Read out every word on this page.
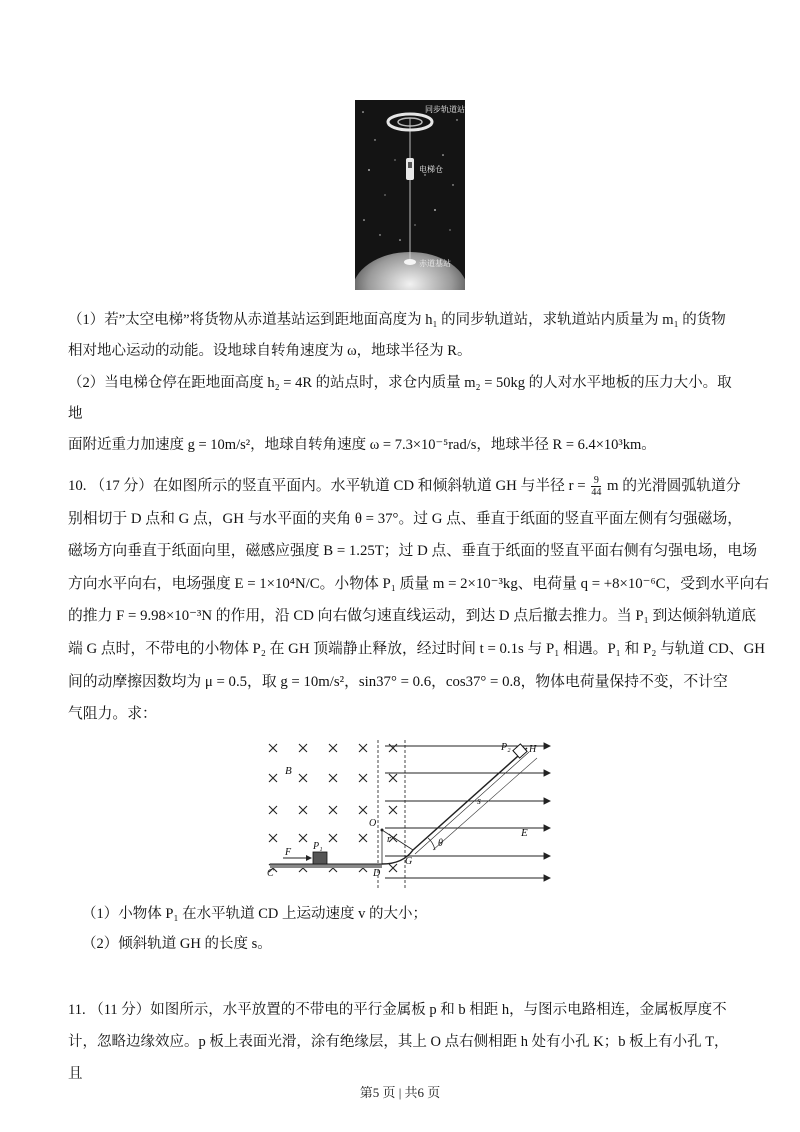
同步轨道站
电梯仓
赤道基站
（1）若”太空电梯”将货物从赤道基站运到距地面高度为 h₁ 的同步轨道站，求轨道站内质量为 m₁ 的货物
相对地心运动的动能。设地球自转角速度为 ω，地球半径为 R。
（2）当电梯仓停在距地面高度 h₂ = 4R 的站点时，求仓内质量 m₂ = 50kg 的人对水平地板的压力大小。取地
面附近重力加速度 g = 10m/s²，地球自转角速度 ω = 7.3×10⁻⁵rad/s，地球半径 R = 6.4×10³km。
10. （17 分）在如图所示的竖直平面内。水平轨道 CD 和倾斜轨道 GH 与半径 $r = \frac{9}{44}$ m 的光滑圆弧轨道分
别相切于 D 点和 G 点，GH 与水平面的夹角 θ = 37°。过 G 点、垂直于纸面的竖直平面左侧有匀强磁场，
磁场方向垂直于纸面向里，磁感应强度 B = 1.25T；过 D 点、垂直于纸面的竖直平面右侧有匀强电场，电场
方向水平向右，电场强度 E = 1×10⁴N/C。小物体 P₁ 质量 m = 2×10⁻³kg、电荷量 q = +8×10⁻⁶C，受到水平向右
的推力 F = 9.98×10⁻³N 的作用，沿 CD 向右做匀速直线运动，到达 D 点后撤去推力。当 P₁ 到达倾斜轨道底
端 G 点时，不带电的小物体 P₂ 在 GH 顶端静止释放，经过时间 t = 0.1s 与 P₁ 相遇。P₁ 和 P₂ 与轨道 CD、GH
间的动摩擦因数均为 μ = 0.5，取 g = 10m/s²，sin37° = 0.6，cos37° = 0.8，物体电荷量保持不变，不计空
气阻力。求：
B
E
F
P₁
P₂ H
O
r
D
G
θ
s
C
（1）小物体 P₁ 在水平轨道 CD 上运动速度 v 的大小；
（2）倾斜轨道 GH 的长度 s。
11. （11 分）如图所示，水平放置的不带电的平行金属板 p 和 b 相距 h，与图示电路相连，金属板厚度不
计，忽略边缘效应。p 板上表面光滑，涂有绝缘层，其上 O 点右侧相距 h 处有小孔 K；b 板上有小孔 T，且
第5 页 | 共6 页
